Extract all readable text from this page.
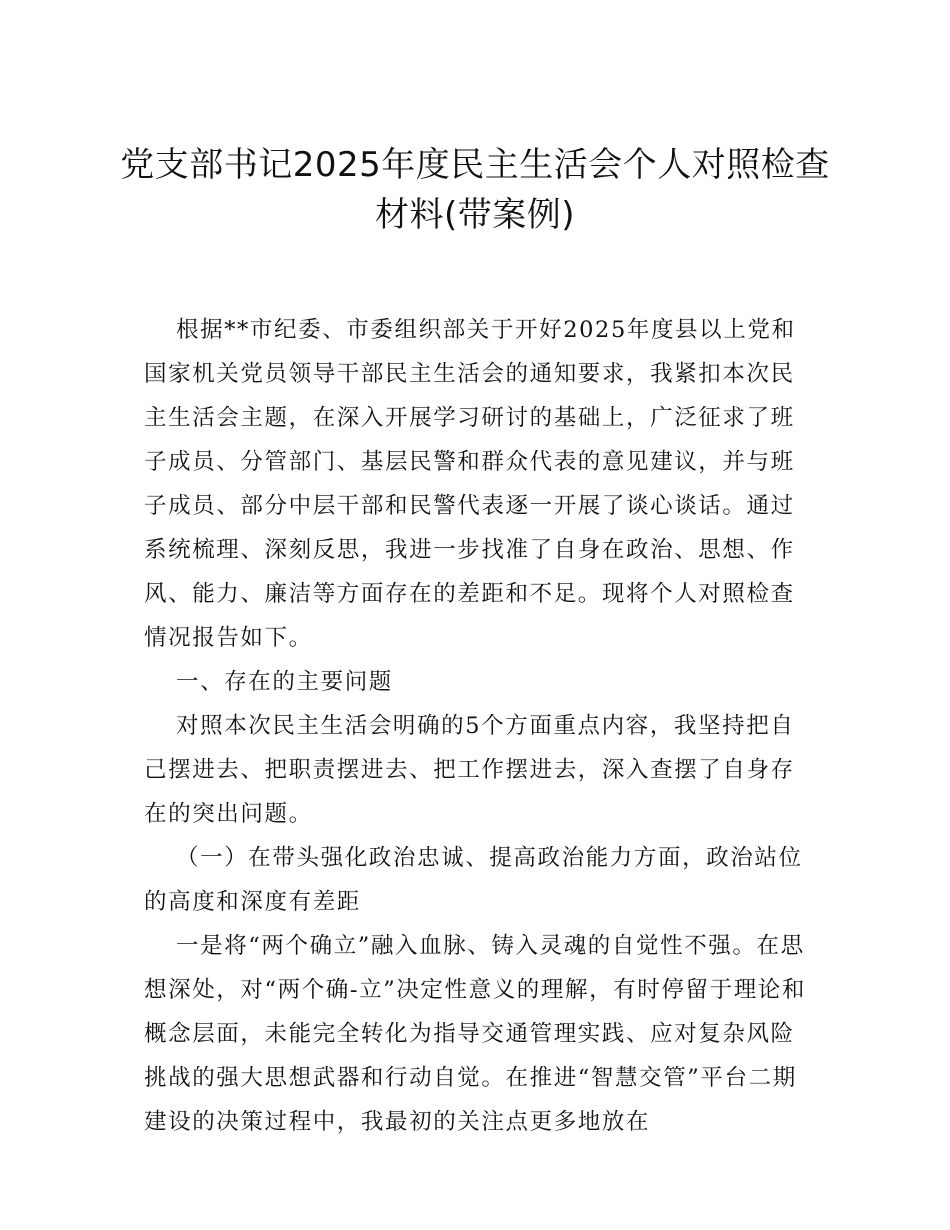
党支部书记2025年度民主生活会个人对照检查
材料(带案例)

根据**市纪委、市委组织部关于开好2025年度县以上党和国家机关党员领导干部民主生活会的通知要求，我紧扣本次民主生活会主题，在深入开展学习研讨的基础上，广泛征求了班子成员、分管部门、基层民警和群众代表的意见建议，并与班子成员、部分中层干部和民警代表逐一开展了谈心谈话。通过系统梳理、深刻反思，我进一步找准了自身在政治、思想、作风、能力、廉洁等方面存在的差距和不足。现将个人对照检查情况报告如下。

一、存在的主要问题

对照本次民主生活会明确的5个方面重点内容，我坚持把自己摆进去、把职责摆进去、把工作摆进去，深入查摆了自身存在的突出问题。

（一）在带头强化政治忠诚、提高政治能力方面，政治站位的高度和深度有差距

一是将“两个确立”融入血脉、铸入灵魂的自觉性不强。在思想深处，对“两个确-立”决定性意义的理解，有时停留于理论和概念层面，未能完全转化为指导交通管理实践、应对复杂风险挑战的强大思想武器和行动自觉。在推进“智慧交管”平台二期建设的决策过程中，我最初的关注点更多地放在
